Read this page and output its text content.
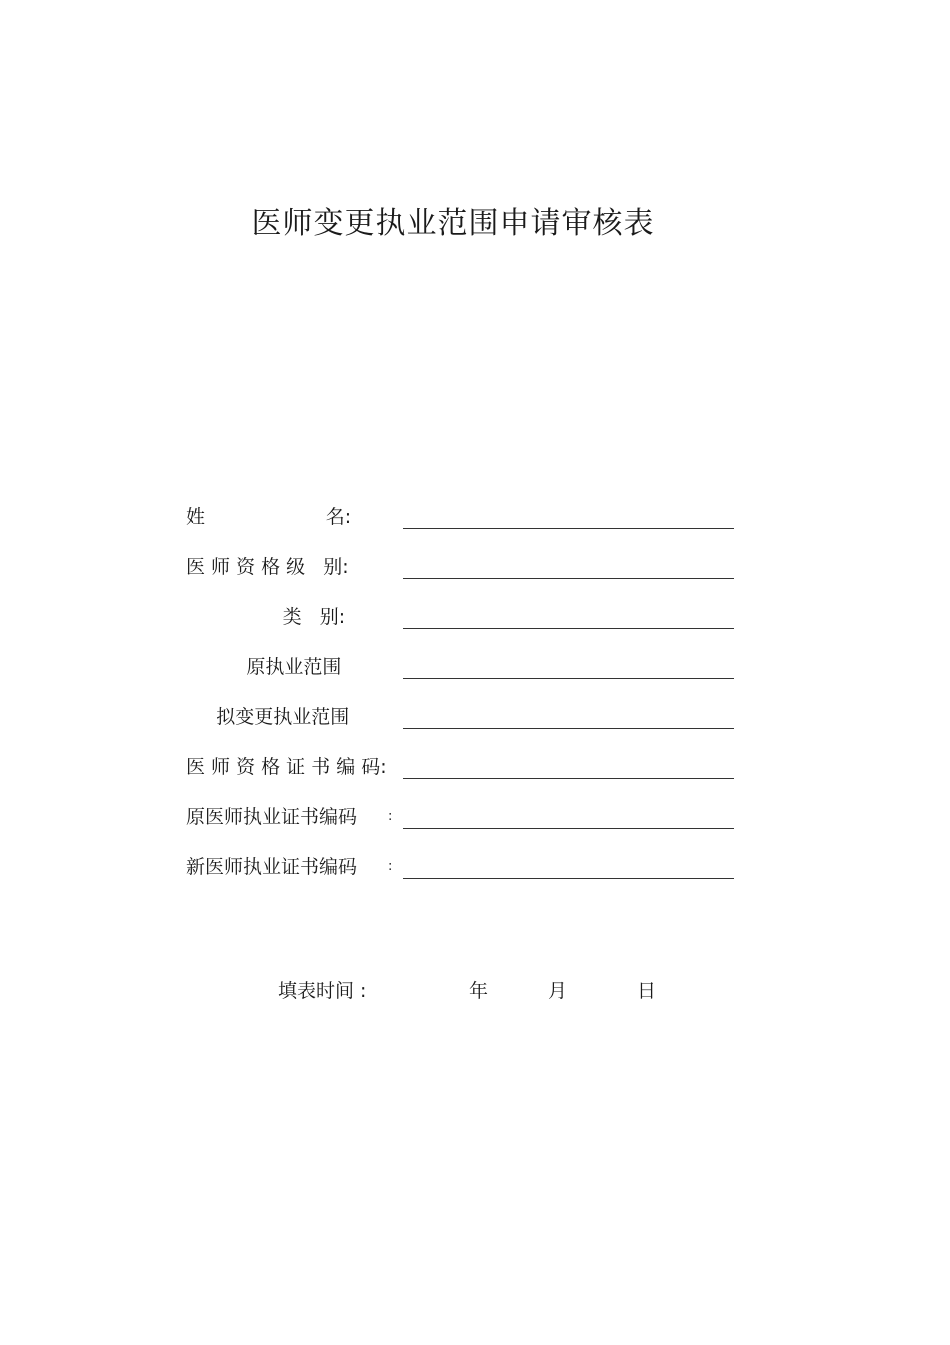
医师变更执业范围申请审核表
姓                    名:
医 师 资 格 级   别:
类   别:
原执业范围
拟变更执业范围
医 师 资 格 证 书 编 码:
原医师执业证书编码 :
新医师执业证书编码 :
填表时间 :	年	月	日
